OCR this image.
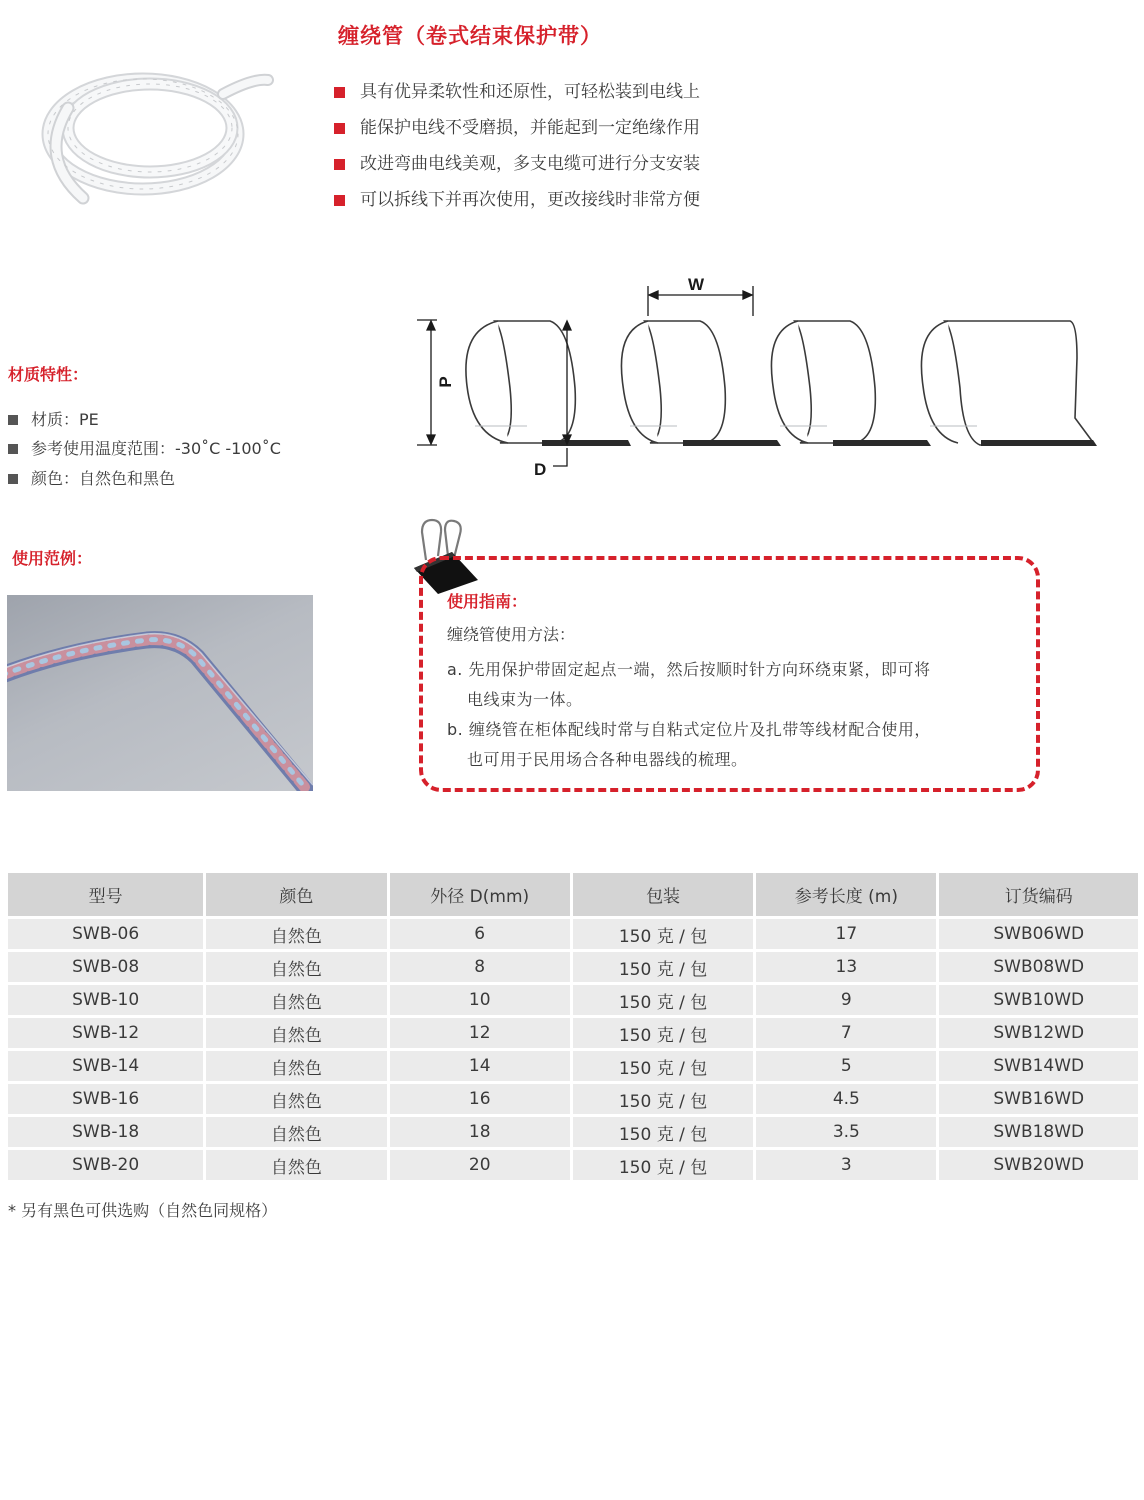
缠绕管（卷式结束保护带）
具有优异柔软性和还原性，可轻松装到电线上
能保护电线不受磨损，并能起到一定绝缘作用
改进弯曲电线美观，多支电缆可进行分支安装
可以拆线下并再次使用，更改接线时非常方便
W
P
D
材质特性：
材质：PE
参考使用温度范围：-30˚C -100˚C
颜色：自然色和黑色
使用范例：
使用指南：
缠绕管使用方法：
a. 先用保护带固定起点一端，然后按顺时针方向环绕束紧，即可将
电线束为一体。
b. 缠绕管在柜体配线时常与自粘式定位片及扎带等线材配合使用，
也可用于民用场合各种电器线的梳理。
型号	颜色	外径 D(mm)	包装	参考长度 (m)	订货编码
SWB-06	自然色	6	150 克 / 包	17	SWB06WD
SWB-08	自然色	8	150 克 / 包	13	SWB08WD
SWB-10	自然色	10	150 克 / 包	9	SWB10WD
SWB-12	自然色	12	150 克 / 包	7	SWB12WD
SWB-14	自然色	14	150 克 / 包	5	SWB14WD
SWB-16	自然色	16	150 克 / 包	4.5	SWB16WD
SWB-18	自然色	18	150 克 / 包	3.5	SWB18WD
SWB-20	自然色	20	150 克 / 包	3	SWB20WD
* 另有黑色可供选购（自然色同规格）
